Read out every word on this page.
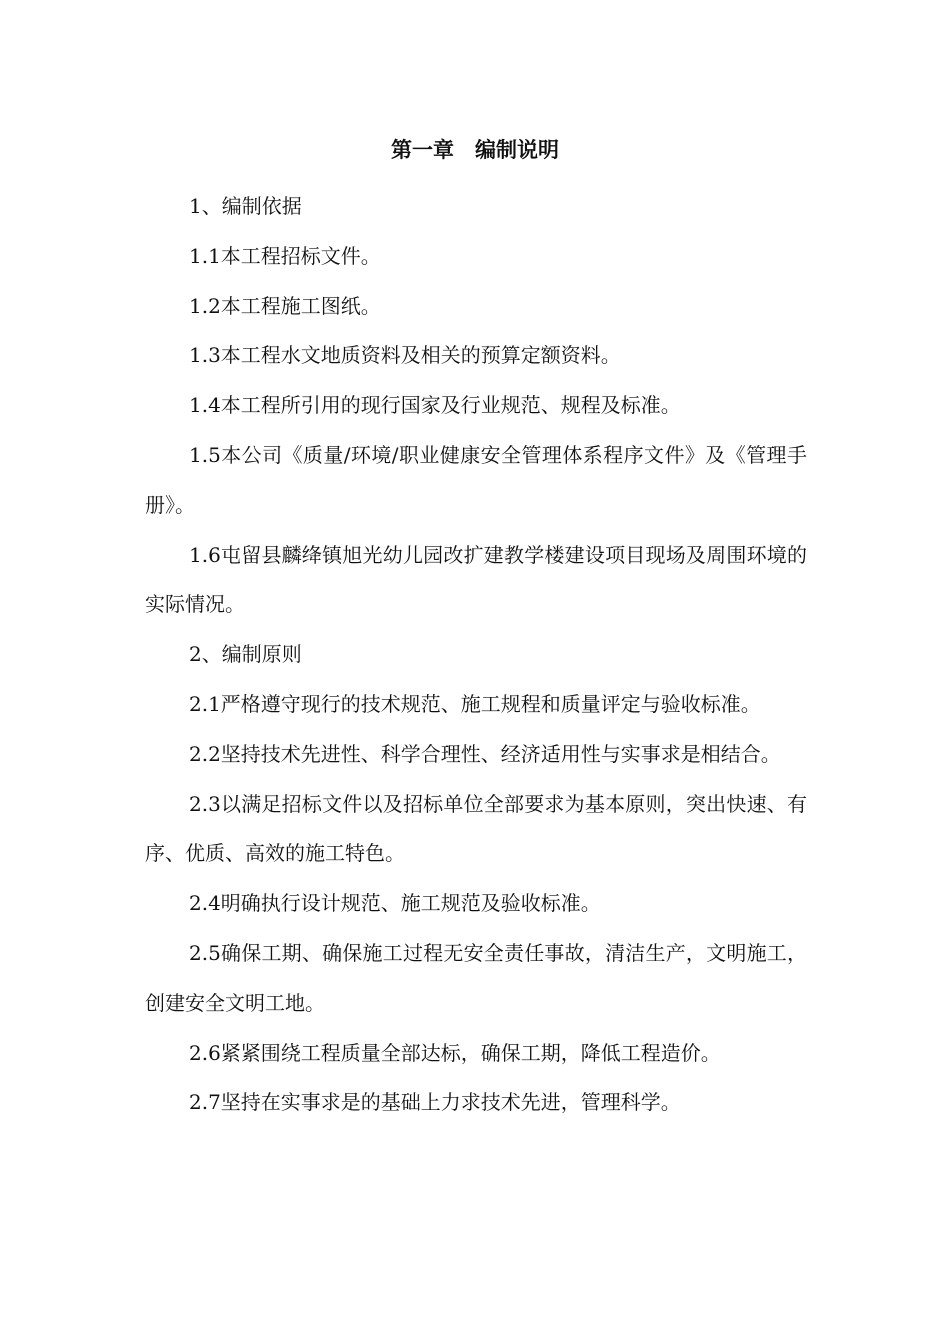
第一章　编制说明

1、编制依据

1.1本工程招标文件。

1.2本工程施工图纸。

1.3本工程水文地质资料及相关的预算定额资料。

1.4本工程所引用的现行国家及行业规范、规程及标准。

1.5本公司《质量/环境/职业健康安全管理体系程序文件》及《管理手册》。

1.6屯留县麟绛镇旭光幼儿园改扩建教学楼建设项目现场及周围环境的实际情况。

2、编制原则

2.1严格遵守现行的技术规范、施工规程和质量评定与验收标准。

2.2坚持技术先进性、科学合理性、经济适用性与实事求是相结合。

2.3以满足招标文件以及招标单位全部要求为基本原则，突出快速、有序、优质、高效的施工特色。

2.4明确执行设计规范、施工规范及验收标准。

2.5确保工期、确保施工过程无安全责任事故，清洁生产，文明施工，创建安全文明工地。

2.6紧紧围绕工程质量全部达标，确保工期，降低工程造价。

2.7坚持在实事求是的基础上力求技术先进，管理科学。
